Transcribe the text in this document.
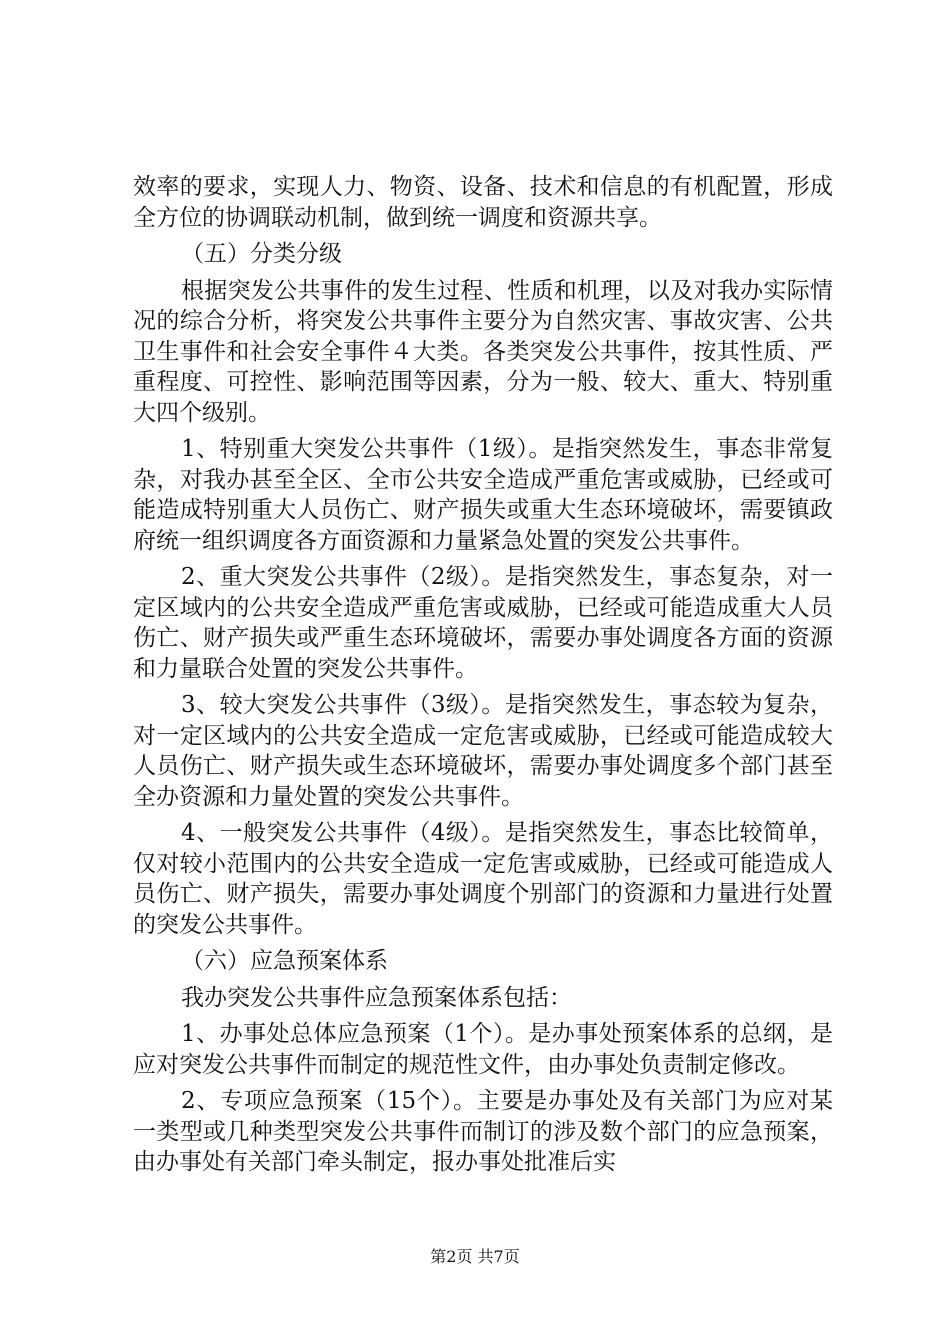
效率的要求，实现人力、物资、设备、技术和信息的有机配置，形成全方位的协调联动机制，做到统一调度和资源共享。

（五）分类分级

根据突发公共事件的发生过程、性质和机理，以及对我办实际情况的综合分析，将突发公共事件主要分为自然灾害、事故灾害、公共卫生事件和社会安全事件４大类。各类突发公共事件，按其性质、严重程度、可控性、影响范围等因素，分为一般、较大、重大、特别重大四个级别。

1、特别重大突发公共事件（1级）。是指突然发生，事态非常复杂，对我办甚至全区、全市公共安全造成严重危害或威胁，已经或可能造成特别重大人员伤亡、财产损失或重大生态环境破坏，需要镇政府统一组织调度各方面资源和力量紧急处置的突发公共事件。

2、重大突发公共事件（2级）。是指突然发生，事态复杂，对一定区域内的公共安全造成严重危害或威胁，已经或可能造成重大人员伤亡、财产损失或严重生态环境破坏，需要办事处调度各方面的资源和力量联合处置的突发公共事件。

3、较大突发公共事件（3级）。是指突然发生，事态较为复杂，对一定区域内的公共安全造成一定危害或威胁，已经或可能造成较大人员伤亡、财产损失或生态环境破坏，需要办事处调度多个部门甚至全办资源和力量处置的突发公共事件。

4、一般突发公共事件（4级）。是指突然发生，事态比较简单，仅对较小范围内的公共安全造成一定危害或威胁，已经或可能造成人员伤亡、财产损失，需要办事处调度个别部门的资源和力量进行处置的突发公共事件。

（六）应急预案体系

我办突发公共事件应急预案体系包括：

1、办事处总体应急预案（1个）。是办事处预案体系的总纲，是应对突发公共事件而制定的规范性文件，由办事处负责制定修改。

2、专项应急预案（15个）。主要是办事处及有关部门为应对某一类型或几种类型突发公共事件而制订的涉及数个部门的应急预案，由办事处有关部门牵头制定，报办事处批准后实

第2页 共7页
